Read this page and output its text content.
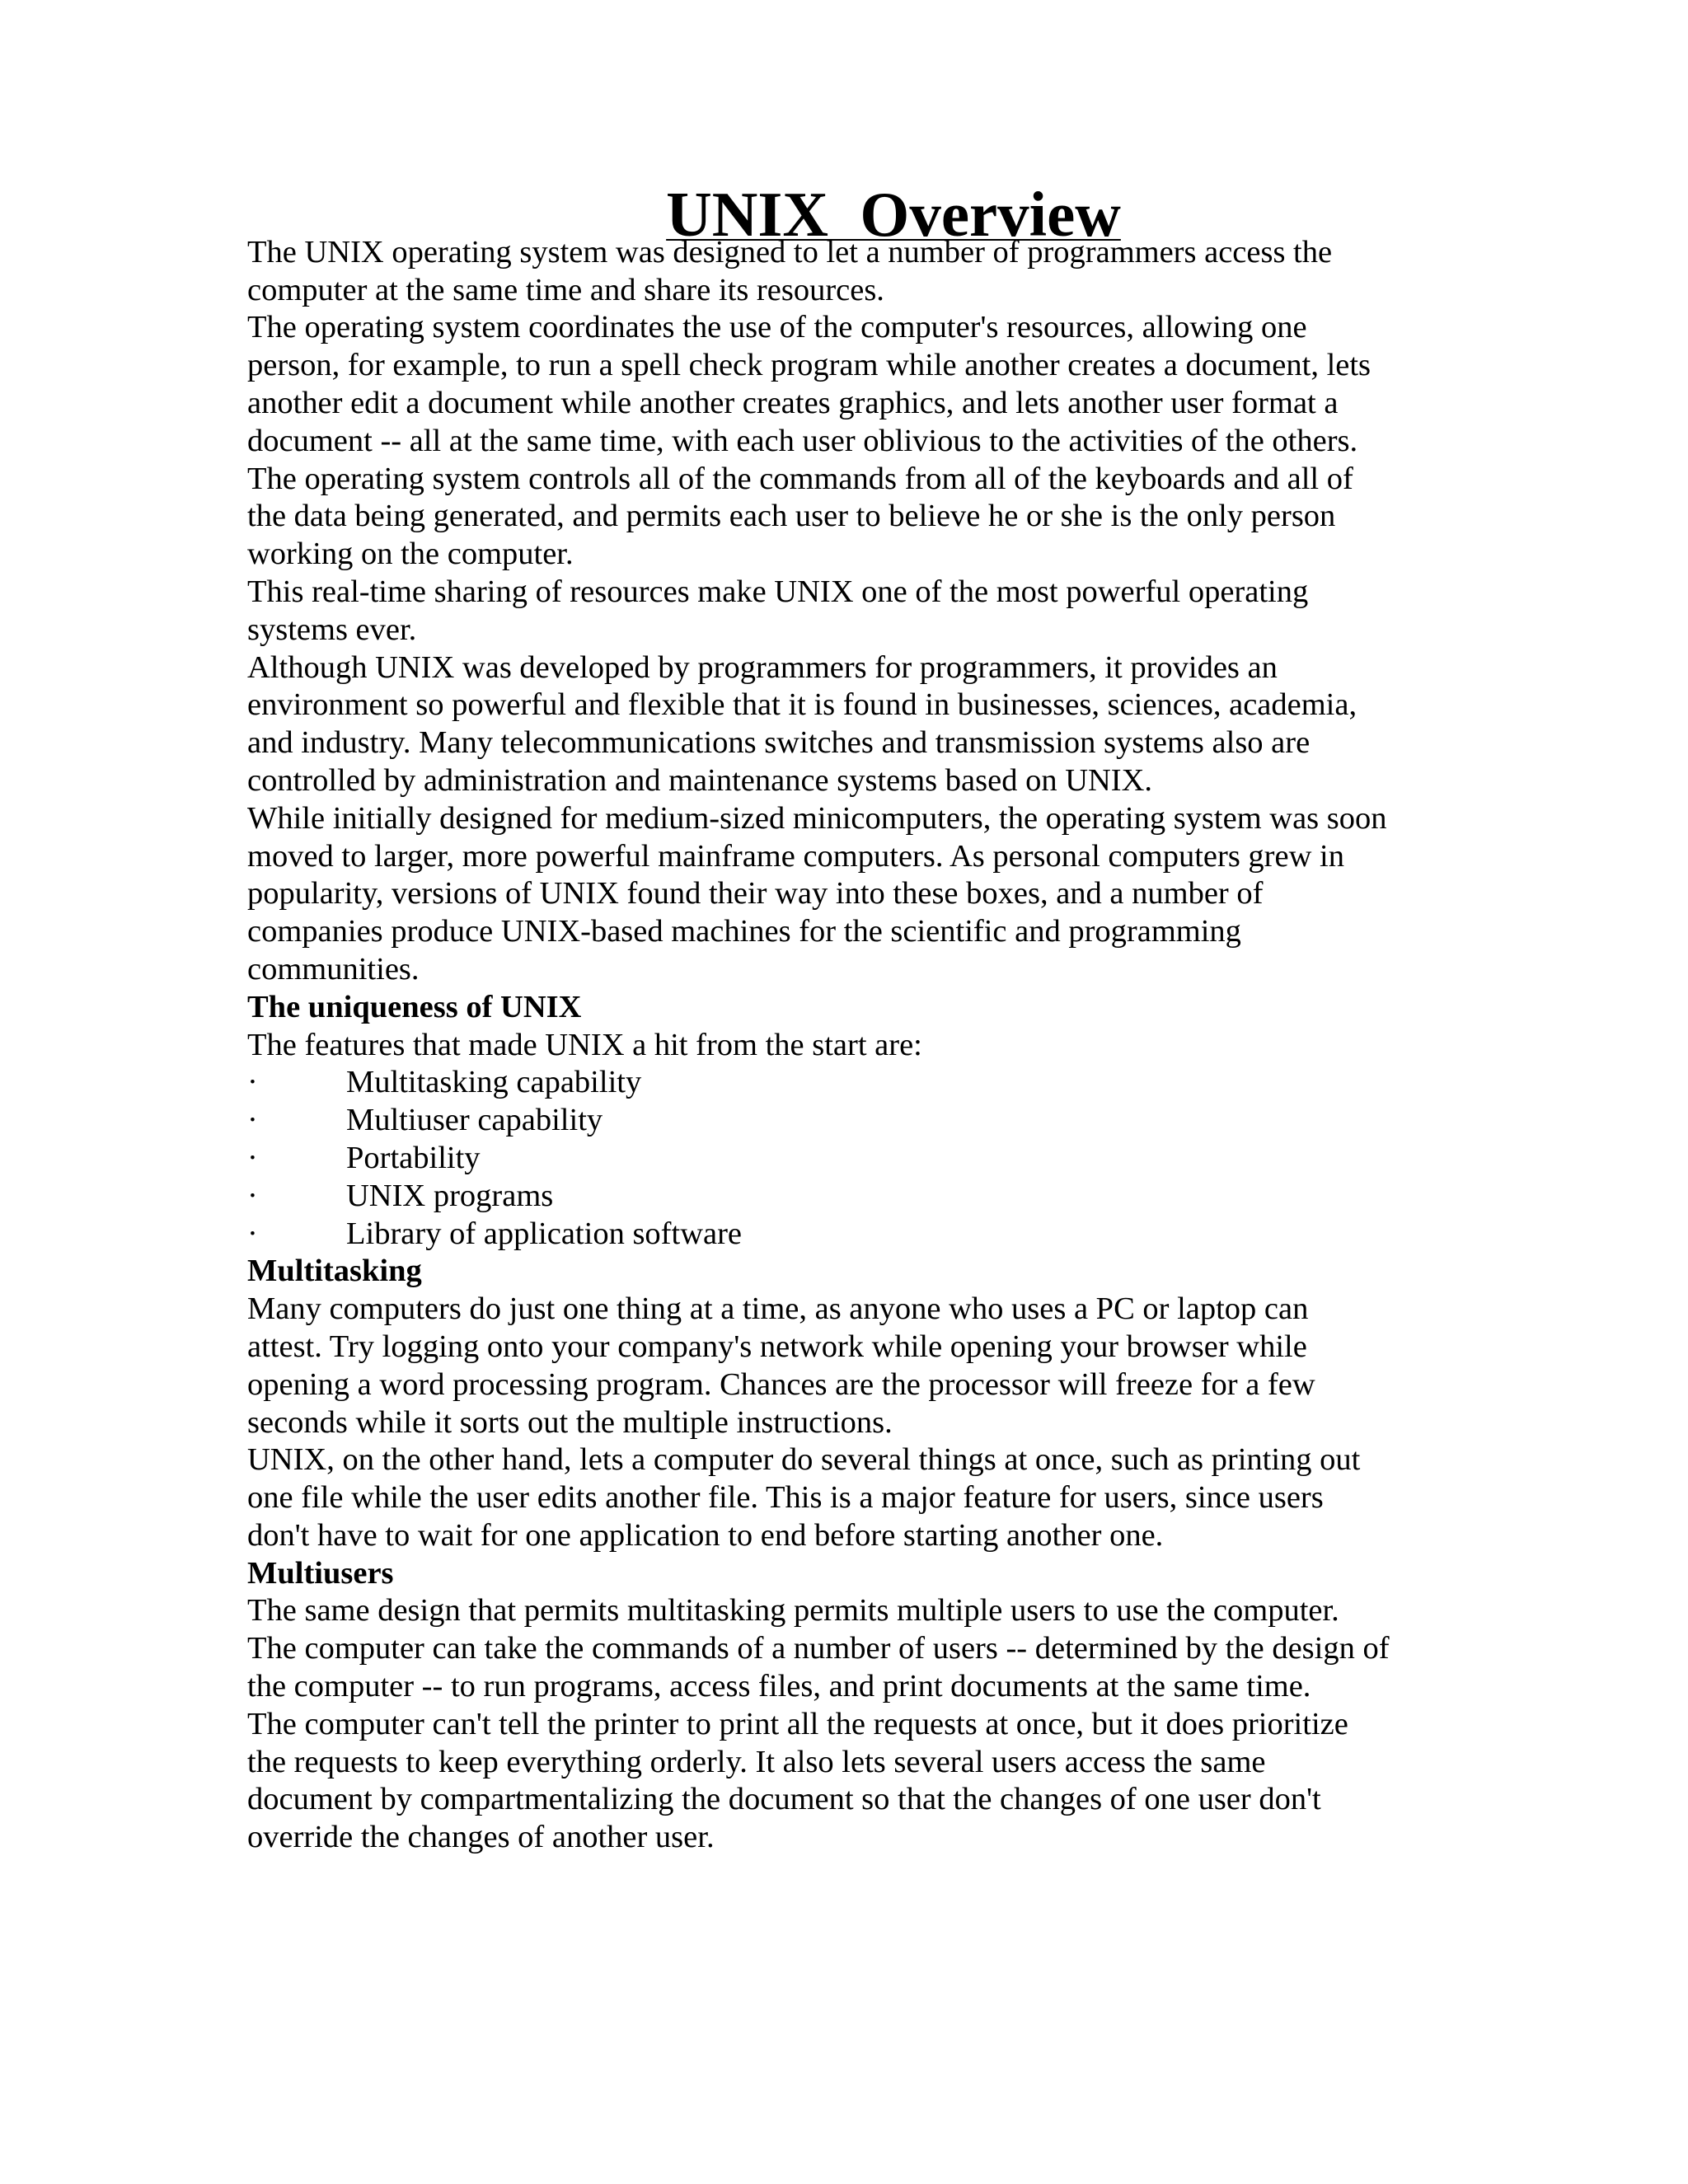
UNIX  Overview

The UNIX operating system was designed to let a number of programmers access the

computer at the same time and share its resources.

The operating system coordinates the use of the computer's resources, allowing one

person, for example, to run a spell check program while another creates a document, lets

another edit a document while another creates graphics, and lets another user format a

document -- all at the same time, with each user oblivious to the activities of the others.

The operating system controls all of the commands from all of the keyboards and all of

the data being generated, and permits each user to believe he or she is the only person

working on the computer.

This real-time sharing of resources make UNIX one of the most powerful operating

systems ever.

Although UNIX was developed by programmers for programmers, it provides an

environment so powerful and flexible that it is found in businesses, sciences, academia,

and industry. Many telecommunications switches and transmission systems also are

controlled by administration and maintenance systems based on UNIX.

While initially designed for medium-sized minicomputers, the operating system was soon

moved to larger, more powerful mainframe computers. As personal computers grew in

popularity, versions of UNIX found their way into these boxes, and a number of

companies produce UNIX-based machines for the scientific and programming

communities.

The uniqueness of UNIX

The features that made UNIX a hit from the start are:

·	Multitasking capability
·	Multiuser capability
·	Portability
·	UNIX programs
·	Library of application software
Multitasking

Many computers do just one thing at a time, as anyone who uses a PC or laptop can

attest. Try logging onto your company's network while opening your browser while

opening a word processing program. Chances are the processor will freeze for a few

seconds while it sorts out the multiple instructions.

UNIX, on the other hand, lets a computer do several things at once, such as printing out

one file while the user edits another file. This is a major feature for users, since users

don't have to wait for one application to end before starting another one.

Multiusers

The same design that permits multitasking permits multiple users to use the computer.

The computer can take the commands of a number of users -- determined by the design of

the computer -- to run programs, access files, and print documents at the same time.

The computer can't tell the printer to print all the requests at once, but it does prioritize

the requests to keep everything orderly. It also lets several users access the same

document by compartmentalizing the document so that the changes of one user don't

override the changes of another user.
